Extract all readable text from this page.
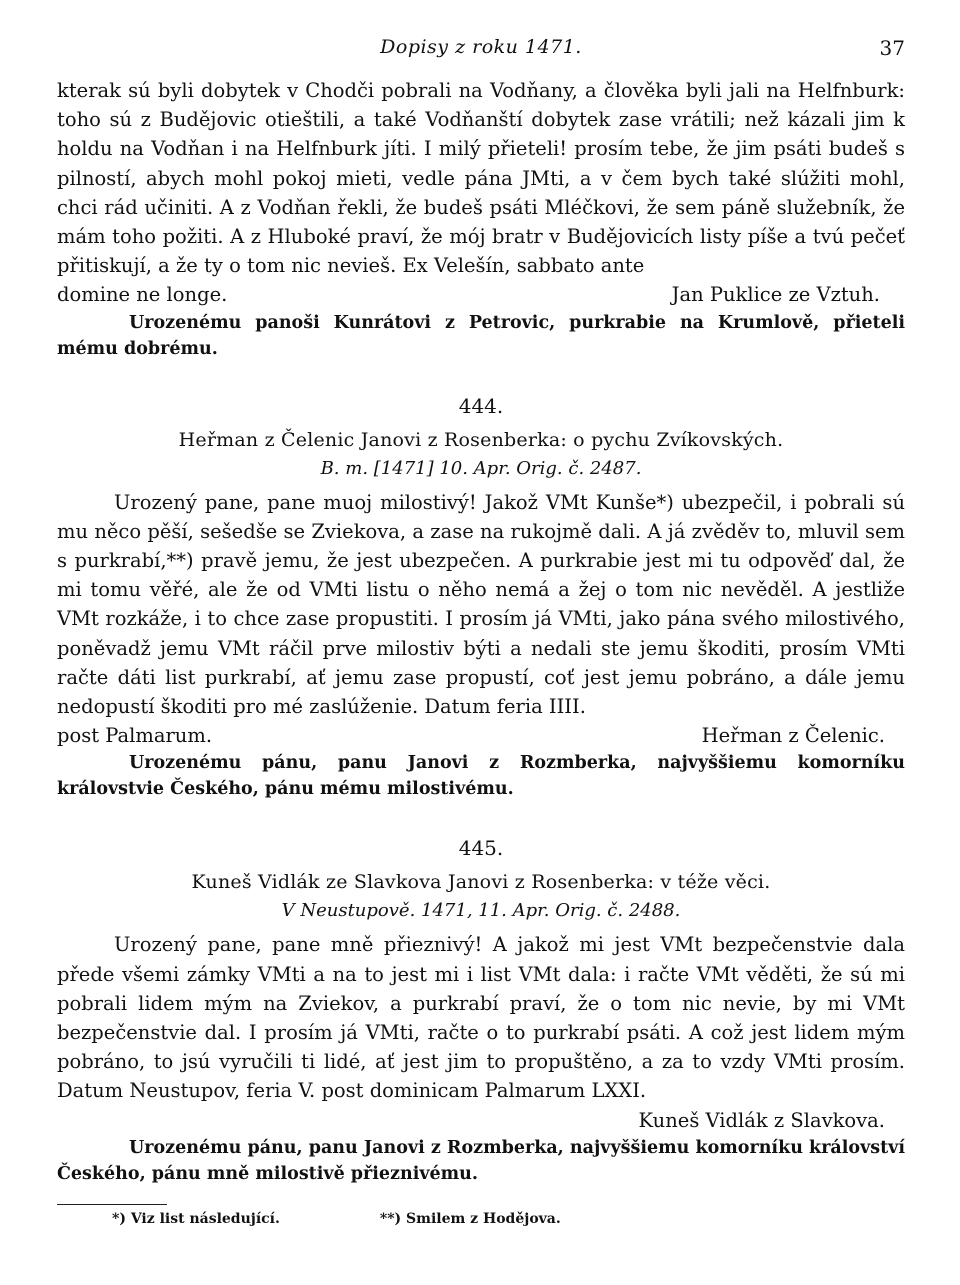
Dopisy z roku 1471.	37

kterak sú byli dobytek v Chodči pobrali na Vodňany, a člověka byli jali na Helfnburk: toho sú z Budějovic otieštili, a také Vodňanští dobytek zase vrátili; než kázali jim k holdu na Vodňan i na Helfnburk jíti. I milý přieteli! prosím tebe, že jim psáti budeš s pilností, abych mohl pokoj mieti, vedle pána JMti, a v čem bych také slúžiti mohl, chci rád učiniti. A z Vodňan řekli, že budeš psáti Mléčkovi, že sem páně služebník, že mám toho požiti. A z Hluboké praví, že mój bratr v Budějovicích listy píše a tvú pečeť přitiskují, a že ty o tom nic nevieš. Ex Velešín, sabbato ante

domine ne longe.	Jan Puklice ze Vztuh.

Urozenému panoši Kunrátovi z Petrovic, purkrabie na Krumlově, přieteli mému dobrému.

444.
Heřman z Čelenic Janovi z Rosenberka: o pychu Zvíkovských.
B. m. [1471] 10. Apr. Orig. č. 2487.

Urozený pane, pane muoj milostivý! Jakož VMt Kunše*) ubezpečil, i pobrali sú mu něco pěší, sešedše se Zviekova, a zase na rukojmě dali. A já zvěděv to, mluvil sem s purkrabí,**) pravě jemu, že jest ubezpečen. A purkrabie jest mi tu odpověď dal, že mi tomu věřé, ale že od VMti listu o něho nemá a žej o tom nic nevěděl. A jestliže VMt rozkáže, i to chce zase propustiti. I prosím já VMti, jako pána svého milostivého, poněvadž jemu VMt ráčil prve milostiv býti a nedali ste jemu škoditi, prosím VMti račte dáti list purkrabí, ať jemu zase propustí, coť jest jemu pobráno, a dále jemu nedopustí škoditi pro mé zaslúženie. Datum feria IIII.

post Palmarum.	Heřman z Čelenic.

Urozenému pánu, panu Janovi z Rozmberka, najvyššiemu komorníku královstvie Českého, pánu mému milostivému.

445.
Kuneš Vidlák ze Slavkova Janovi z Rosenberka: v téže věci.
V Neustupově. 1471, 11. Apr. Orig. č. 2488.

Urozený pane, pane mně přieznivý! A jakož mi jest VMt bezpečenstvie dala přede všemi zámky VMti a na to jest mi i list VMt dala: i račte VMt věděti, že sú mi pobrali lidem mým na Zviekov, a purkrabí praví, že o tom nic nevie, by mi VMt bezpečenstvie dal. I prosím já VMti, račte o to purkrabí psáti. A což jest lidem mým pobráno, to jsú vyručili ti lidé, ať jest jim to propuštěno, a za to vzdy VMti prosím. Datum Neustupov, feria V. post dominicam Palmarum LXXI.

Kuneš Vidlák z Slavkova.

Urozenému pánu, panu Janovi z Rozmberka, najvyššiemu komorníku království Českého, pánu mně milostivě přieznivému.

*) Viz list následující.	**) Smilem z Hodějova.
